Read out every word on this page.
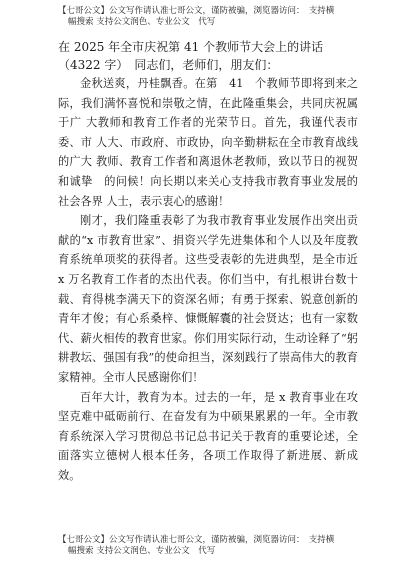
【七哥公文】公文写作请认准七哥公文，谨防被骗，浏览器访问：　支持横
幅搜索 支持公文润色、专业公文　代写

在 2025 年全市庆祝第 41 个教师节大会上的讲话（4322 字）　同志们，老师们，朋友们：

金秋送爽，丹桂飘香。在第　41　个教师节即将到来之际，我们满怀喜悦和崇敬之情，在此隆重集会，共同庆祝属于广 大教师和教育工作者的光荣节日。首先，我谨代表市委、市 人大、市政府、市政协，向辛勤耕耘在全市教育战线的广大 教师、教育工作者和离退休老教师，致以节日的视贺和诚挚　的问候！向长期以来关心支持我市教育事业发展的社会各界 人士，表示衷心的感谢！

刚才，我们隆重表彰了为我市教育事业发展作出突出贡献的“x 市教育世家”、捐资兴学先进集体和个人以及年度教育系统单项奖的获得者。这些受表彰的先进典型，是全市近 x 万名教育工作者的杰出代表。你们当中，有扎根讲台数十载、育得桃李满天下的资深名师；有勇于探索、锐意创新的青年才俊；有心系桑梓、慷慨解囊的社会贤达；也有一家数代、薪火相传的教育世家。你们用实际行动，生动诠释了“躬耕教坛、强国有我”的使命担当，深刻践行了崇高伟大的教育家精神。全市人民感谢你们！

百年大计，教育为本。过去的一年，是 x 教育事业在攻坚克难中砥砺前行、在奋发有为中硕果累累的一年。全市教育系统深入学习贯彻总书记总书记关于教育的重要论述，全面落实立德树人根本任务，各项工作取得了新进展、新成效。

【七哥公文】公文写作请认准七哥公文，谨防被骗，浏览器访问：　支持横
幅搜索 支持公文润色、专业公文　代写
